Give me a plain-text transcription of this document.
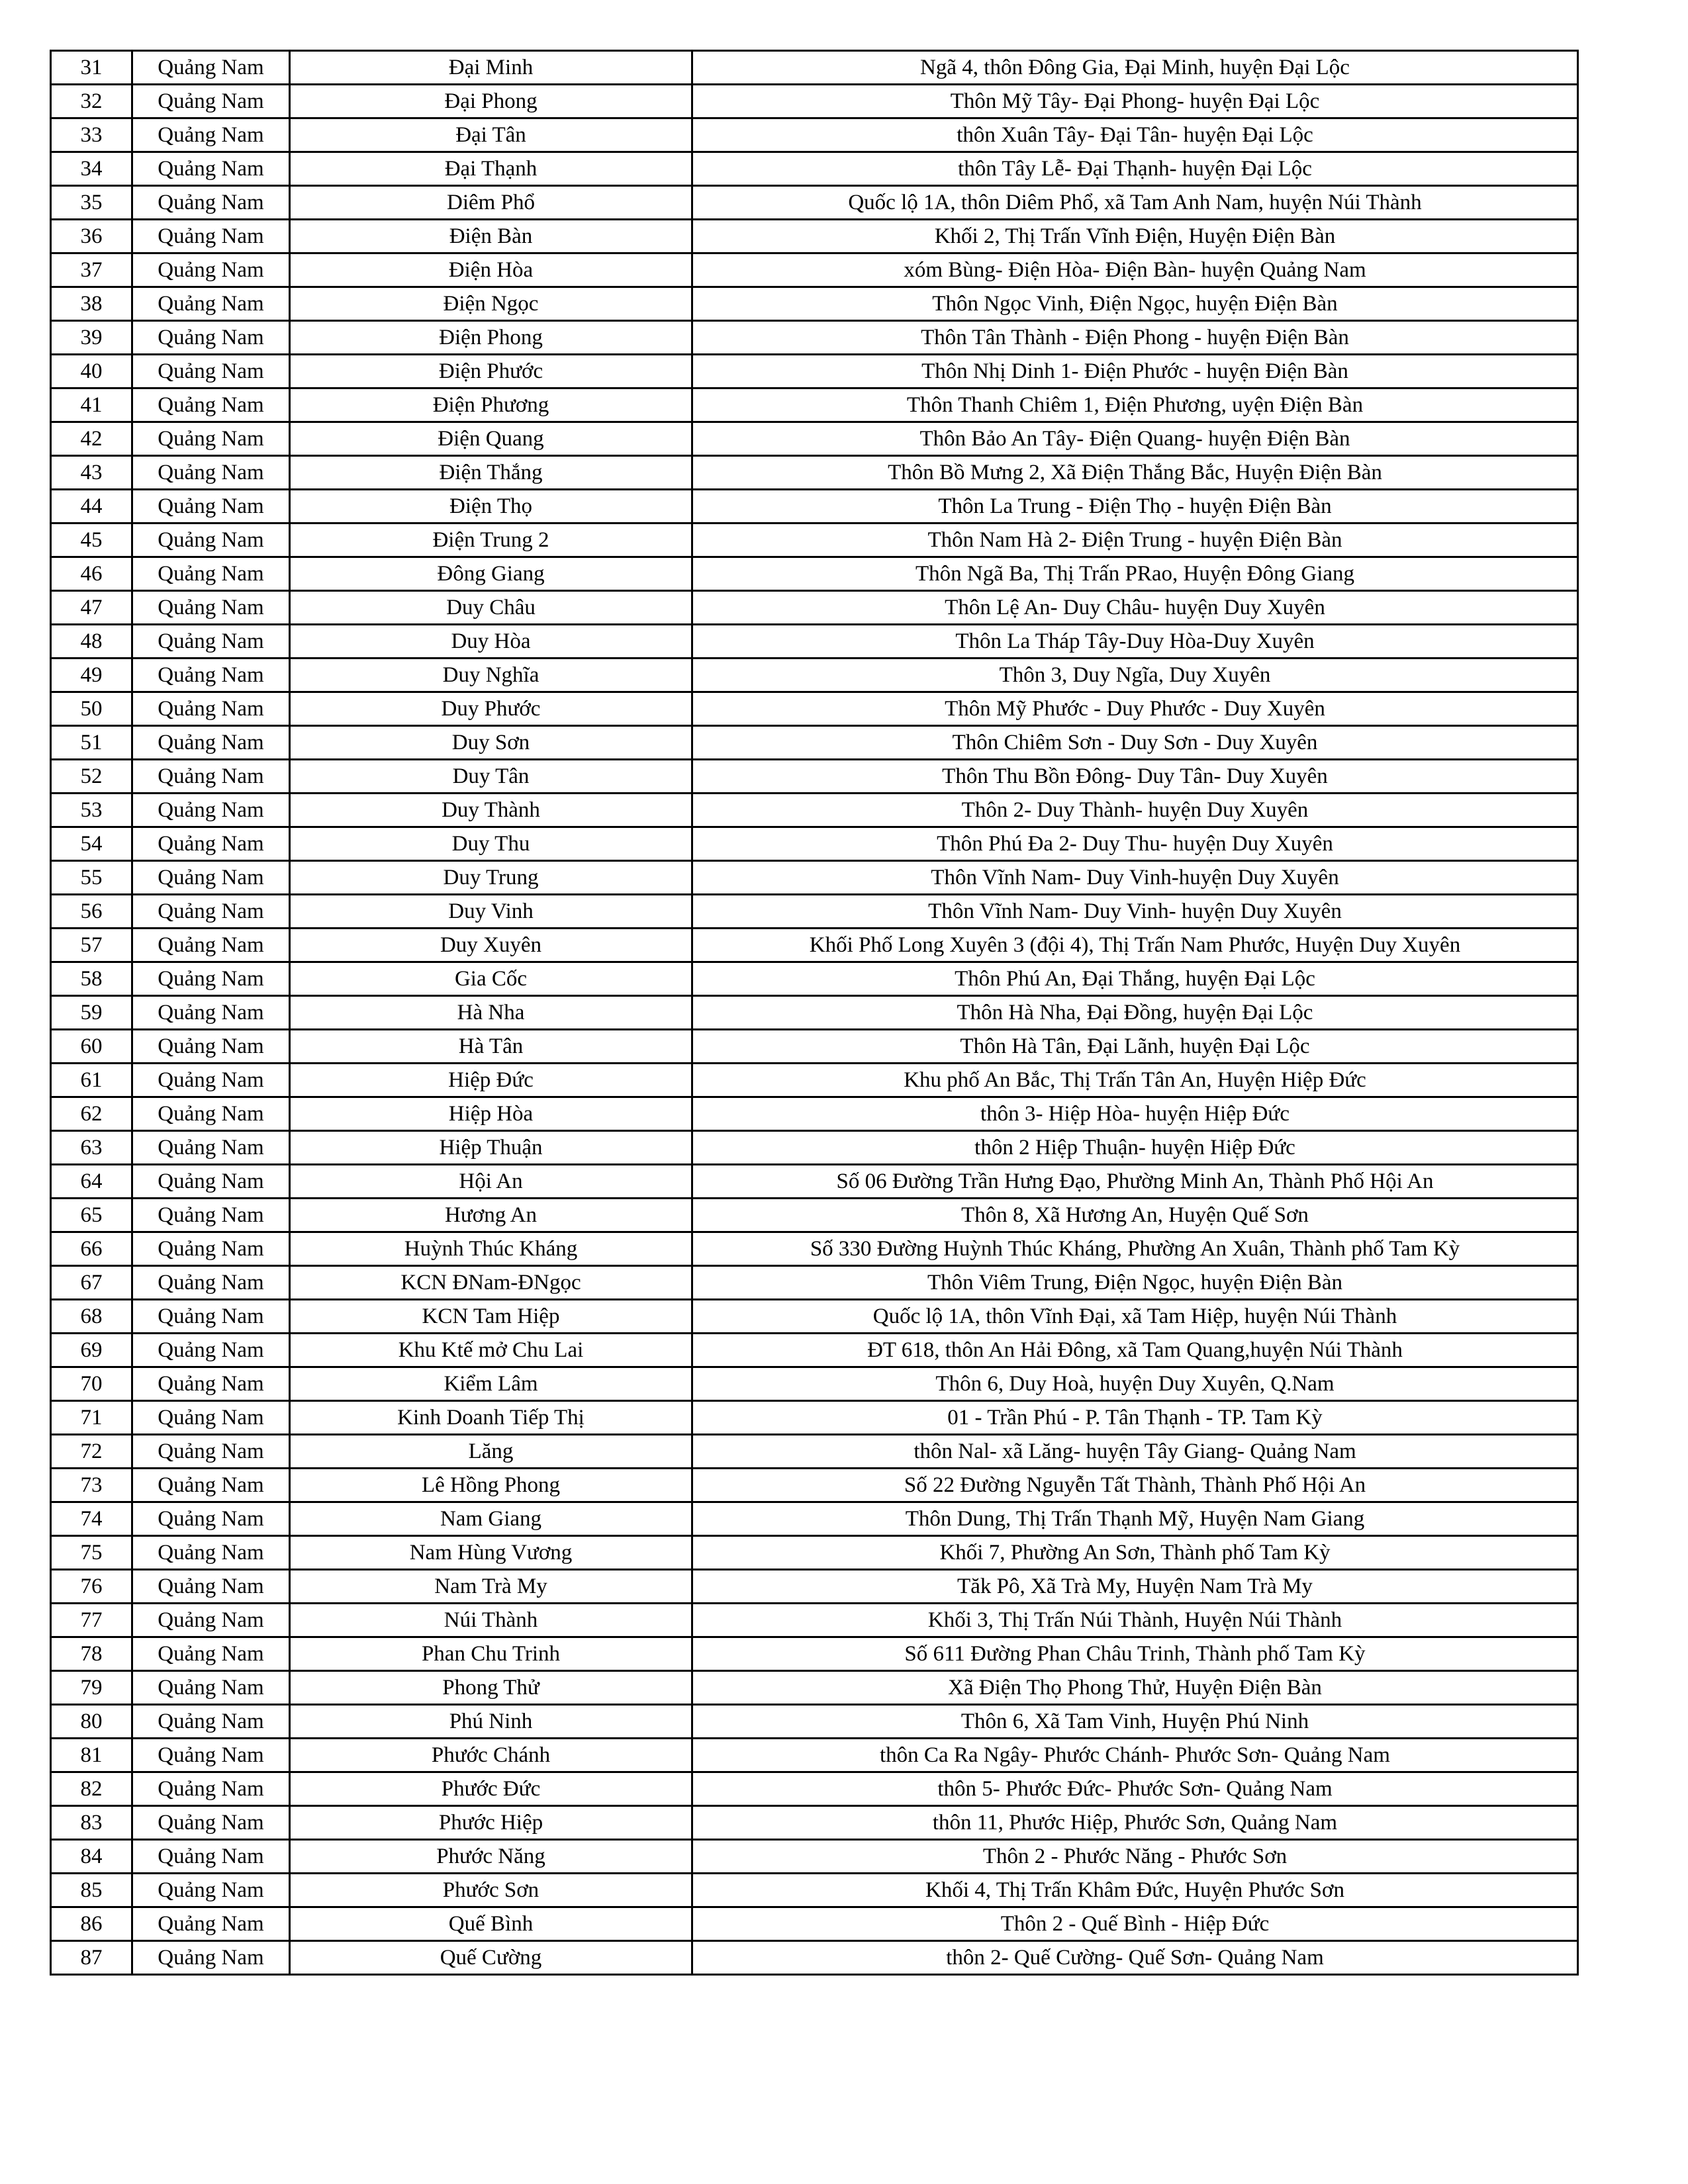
31	Quảng Nam	Đại Minh	Ngã 4, thôn Đông Gia, Đại Minh, huyện Đại Lộc
32	Quảng Nam	Đại Phong	Thôn Mỹ Tây- Đại Phong- huyện Đại Lộc
33	Quảng Nam	Đại Tân	thôn Xuân Tây- Đại Tân- huyện Đại Lộc
34	Quảng Nam	Đại Thạnh	thôn Tây Lễ- Đại Thạnh- huyện Đại Lộc
35	Quảng Nam	Diêm Phổ	Quốc lộ 1A, thôn Diêm Phổ, xã Tam Anh Nam, huyện Núi Thành
36	Quảng Nam	Điện Bàn	Khối 2, Thị Trấn Vĩnh Điện, Huyện Điện Bàn
37	Quảng Nam	Điện Hòa	xóm Bùng- Điện Hòa- Điện Bàn- huyện Quảng Nam
38	Quảng Nam	Điện Ngọc	Thôn Ngọc Vinh, Điện Ngọc, huyện Điện Bàn
39	Quảng Nam	Điện Phong	Thôn Tân Thành - Điện Phong - huyện Điện Bàn
40	Quảng Nam	Điện Phước	Thôn Nhị Dinh 1- Điện Phước - huyện Điện Bàn
41	Quảng Nam	Điện Phương	Thôn Thanh Chiêm 1, Điện Phương, uyện Điện Bàn
42	Quảng Nam	Điện Quang	Thôn Bảo An Tây- Điện Quang- huyện Điện Bàn
43	Quảng Nam	Điện Thắng	Thôn Bồ Mưng 2, Xã Điện Thắng Bắc, Huyện Điện Bàn
44	Quảng Nam	Điện Thọ	Thôn La Trung - Điện Thọ - huyện Điện Bàn
45	Quảng Nam	Điện Trung 2	Thôn Nam Hà 2- Điện Trung - huyện Điện Bàn
46	Quảng Nam	Đông Giang	Thôn Ngã Ba, Thị Trấn PRao, Huyện Đông Giang
47	Quảng Nam	Duy Châu	Thôn Lệ An- Duy Châu- huyện Duy Xuyên
48	Quảng Nam	Duy Hòa	Thôn La Tháp Tây-Duy Hòa-Duy Xuyên
49	Quảng Nam	Duy Nghĩa	Thôn 3, Duy Ngĩa, Duy Xuyên
50	Quảng Nam	Duy Phước	Thôn Mỹ Phước - Duy Phước - Duy Xuyên
51	Quảng Nam	Duy Sơn	Thôn Chiêm Sơn - Duy Sơn - Duy Xuyên
52	Quảng Nam	Duy Tân	Thôn Thu Bồn Đông- Duy Tân- Duy Xuyên
53	Quảng Nam	Duy Thành	Thôn 2- Duy Thành- huyện Duy Xuyên
54	Quảng Nam	Duy Thu	Thôn Phú Đa 2- Duy Thu- huyện Duy Xuyên
55	Quảng Nam	Duy Trung	Thôn Vĩnh Nam- Duy Vinh-huyện Duy Xuyên
56	Quảng Nam	Duy Vinh	Thôn Vĩnh Nam- Duy Vinh- huyện Duy Xuyên
57	Quảng Nam	Duy Xuyên	Khối Phố Long Xuyên 3 (đội 4), Thị Trấn Nam Phước, Huyện Duy Xuyên
58	Quảng Nam	Gia Cốc	Thôn Phú An, Đại Thắng, huyện Đại Lộc
59	Quảng Nam	Hà Nha	Thôn Hà Nha, Đại Đồng, huyện Đại Lộc
60	Quảng Nam	Hà Tân	Thôn Hà Tân, Đại Lãnh, huyện Đại Lộc
61	Quảng Nam	Hiệp Đức	Khu phố An Bắc, Thị Trấn Tân An, Huyện Hiệp Đức
62	Quảng Nam	Hiệp Hòa	thôn 3- Hiệp Hòa- huyện Hiệp Đức
63	Quảng Nam	Hiệp Thuận	thôn 2 Hiệp Thuận- huyện Hiệp Đức
64	Quảng Nam	Hội An	Số 06 Đường Trần Hưng Đạo, Phường Minh An, Thành Phố Hội An
65	Quảng Nam	Hương An	Thôn 8, Xã Hương An, Huyện Quế Sơn
66	Quảng Nam	Huỳnh Thúc Kháng	Số 330 Đường Huỳnh Thúc Kháng, Phường An Xuân, Thành phố Tam Kỳ
67	Quảng Nam	KCN ĐNam-ĐNgọc	Thôn Viêm Trung, Điện Ngọc, huyện Điện Bàn
68	Quảng Nam	KCN Tam Hiệp	Quốc lộ 1A, thôn Vĩnh Đại, xã Tam Hiệp, huyện Núi Thành
69	Quảng Nam	Khu Ktế mở Chu Lai	ĐT 618, thôn An Hải Đông, xã Tam Quang,huyện Núi Thành
70	Quảng Nam	Kiểm Lâm	Thôn 6, Duy Hoà, huyện Duy Xuyên, Q.Nam
71	Quảng Nam	Kinh Doanh Tiếp Thị	01 - Trần Phú - P. Tân Thạnh - TP. Tam Kỳ
72	Quảng Nam	Lăng	thôn Nal- xã Lăng- huyện Tây Giang- Quảng Nam
73	Quảng Nam	Lê Hồng Phong	Số 22 Đường Nguyễn Tất Thành, Thành Phố Hội An
74	Quảng Nam	Nam Giang	Thôn Dung, Thị Trấn Thạnh Mỹ, Huyện Nam Giang
75	Quảng Nam	Nam Hùng Vương	Khối 7, Phường An Sơn, Thành phố Tam Kỳ
76	Quảng Nam	Nam Trà My	Tăk Pô, Xã Trà My, Huyện Nam Trà My
77	Quảng Nam	Núi Thành	Khối 3, Thị Trấn Núi Thành, Huyện Núi Thành
78	Quảng Nam	Phan Chu Trinh	Số 611 Đường Phan Châu Trinh, Thành phố Tam Kỳ
79	Quảng Nam	Phong Thử	Xã Điện Thọ Phong Thử, Huyện Điện Bàn
80	Quảng Nam	Phú Ninh	Thôn 6, Xã Tam Vinh, Huyện Phú Ninh
81	Quảng Nam	Phước Chánh	thôn Ca Ra Ngây- Phước Chánh- Phước Sơn- Quảng Nam
82	Quảng Nam	Phước Đức	thôn 5- Phước Đức- Phước Sơn- Quảng Nam
83	Quảng Nam	Phước Hiệp	thôn 11, Phước Hiệp, Phước Sơn, Quảng Nam
84	Quảng Nam	Phước Năng	Thôn 2 - Phước Năng - Phước Sơn
85	Quảng Nam	Phước Sơn	Khối 4, Thị Trấn Khâm Đức, Huyện Phước Sơn
86	Quảng Nam	Quế Bình	Thôn 2 - Quế Bình - Hiệp Đức
87	Quảng Nam	Quế Cường	thôn 2- Quế Cường- Quế Sơn- Quảng Nam
